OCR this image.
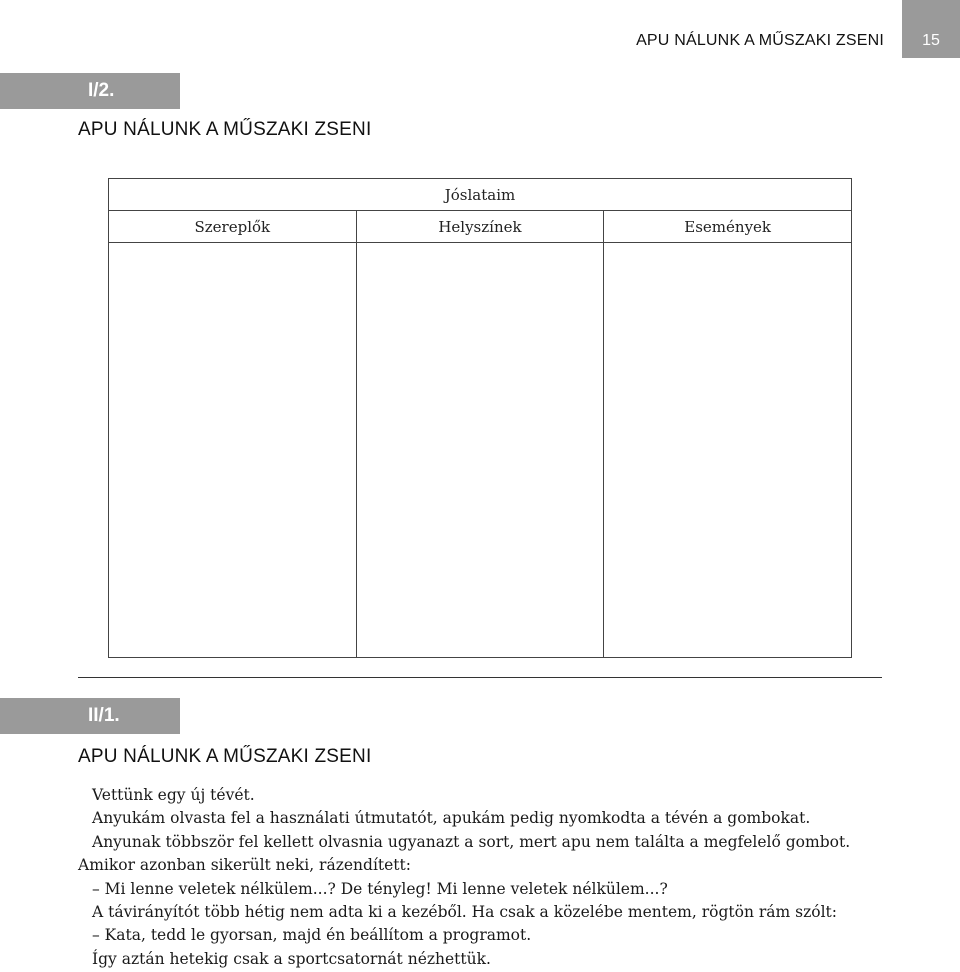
APU NÁLUNK A MŰSZAKI ZSENI 15
I/2.
APU NÁLUNK A MŰSZAKI ZSENI
Jóslataim		
Szereplők	Helyszínek	Események

II/1.
APU NÁLUNK A MŰSZAKI ZSENI
Vettünk egy új tévét.
Anyukám olvasta fel a használati útmutatót, apukám pedig nyomkodta a tévén a gombokat.
Anyunak többször fel kellett olvasnia ugyanazt a sort, mert apu nem találta a megfelelő gombot.
Amikor azonban sikerült neki, rázendített:
– Mi lenne veletek nélkülem...? De tényleg! Mi lenne veletek nélkülem...?
A távirányítót több hétig nem adta ki a kezéből. Ha csak a közelébe mentem, rögtön rám szólt:
– Kata, tedd le gyorsan, majd én beállítom a programot.
Így aztán hetekig csak a sportcsatornát nézhettük.
